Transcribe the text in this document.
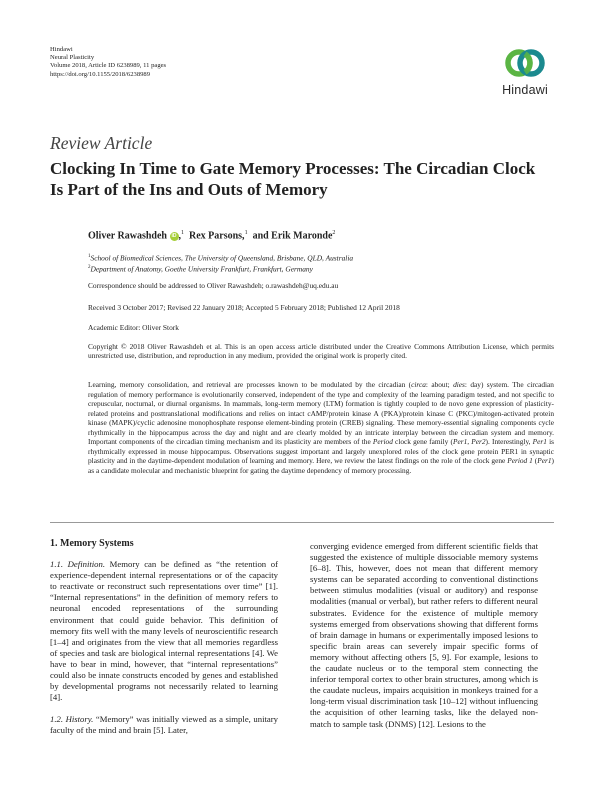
Hindawi
Neural Plasticity
Volume 2018, Article ID 6238989, 11 pages
https://doi.org/10.1155/2018/6238989
Hindawi
Review Article
Clocking In Time to Gate Memory Processes: The Circadian Clock Is Part of the Ins and Outs of Memory
Oliver Rawashdeh iD ,$^1$ Rex Parsons,$^1$ and Erik Maronde$^2$
$^1$School of Biomedical Sciences, The University of Queensland, Brisbane, QLD, Australia
$^2$Department of Anatomy, Goethe University Frankfurt, Frankfurt, Germany
Correspondence should be addressed to Oliver Rawashdeh; o.rawashdeh@uq.edu.au
Received 3 October 2017; Revised 22 January 2018; Accepted 5 February 2018; Published 12 April 2018
Academic Editor: Oliver Stork
Copyright © 2018 Oliver Rawashdeh et al. This is an open access article distributed under the Creative Commons Attribution License, which permits unrestricted use, distribution, and reproduction in any medium, provided the original work is properly cited.
Learning, memory consolidation, and retrieval are processes known to be modulated by the circadian (circa: about; dies: day) system. The circadian regulation of memory performance is evolutionarily conserved, independent of the type and complexity of the learning paradigm tested, and not specific to crepuscular, nocturnal, or diurnal organisms. In mammals, long-term memory (LTM) formation is tightly coupled to de novo gene expression of plasticity-related proteins and posttranslational modifications and relies on intact cAMP/protein kinase A (PKA)/protein kinase C (PKC)/mitogen-activated protein kinase (MAPK)/cyclic adenosine monophosphate response element-binding protein (CREB) signaling. These memory-essential signaling components cycle rhythmically in the hippocampus across the day and night and are clearly molded by an intricate interplay between the circadian system and memory. Important components of the circadian timing mechanism and its plasticity are members of the Period clock gene family (Per1, Per2). Interestingly, Per1 is rhythmically expressed in mouse hippocampus. Observations suggest important and largely unexplored roles of the clock gene protein PER1 in synaptic plasticity and in the daytime-dependent modulation of learning and memory. Here, we review the latest findings on the role of the clock gene Period 1 (Per1) as a candidate molecular and mechanistic blueprint for gating the daytime dependency of memory processing.
1. Memory Systems

1.1. Definition. Memory can be defined as “the retention of experience-dependent internal representations or of the capacity to reactivate or reconstruct such representations over time” [1]. “Internal representations” in the definition of memory refers to neuronal encoded representations of the surrounding environment that could guide behavior. This definition of memory fits well with the many levels of neuroscientific research [1–4] and originates from the view that all memories regardless of species and task are biological internal representations [4]. We have to bear in mind, however, that “internal representations” could also be innate constructs encoded by genes and established by developmental programs not necessarily related to learning [4].

1.2. History. “Memory” was initially viewed as a simple, unitary faculty of the mind and brain [5]. Later,

converging evidence emerged from different scientific fields that suggested the existence of multiple dissociable memory systems [6–8]. This, however, does not mean that different memory systems can be separated according to conventional distinctions between stimulus modalities (visual or auditory) and response modalities (manual or verbal), but rather refers to different neural substrates. Evidence for the existence of multiple memory systems emerged from observations showing that different forms of brain damage in humans or experimentally imposed lesions to specific brain areas can severely impair specific forms of memory without affecting others [5, 9]. For example, lesions to the caudate nucleus or to the temporal stem connecting the inferior temporal cortex to other brain structures, among which is the caudate nucleus, impairs acquisition in monkeys trained for a long-term visual discrimination task [10–12] without influencing the acquisition of other learning tasks, like the delayed non-match to sample task (DNMS) [12]. Lesions to the
